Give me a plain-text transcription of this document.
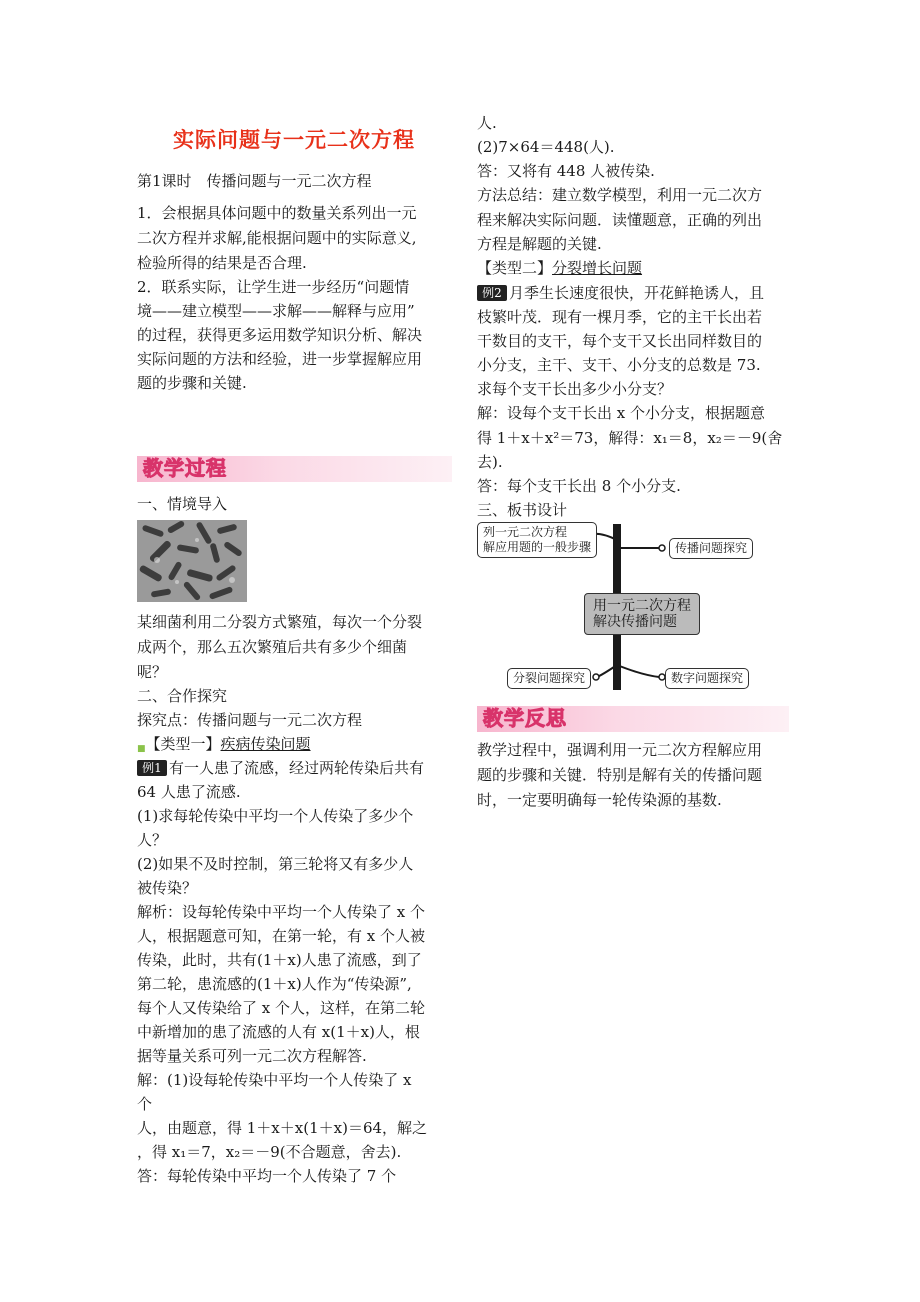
实际问题与一元二次方程
第1课时　传播问题与一元二次方程
1．会根据具体问题中的数量关系列出一元
二次方程并求解,能根据问题中的实际意义,
检验所得的结果是否合理.
2．联系实际，让学生进一步经历“问题情
境——建立模型——求解——解释与应用”
的过程，获得更多运用数学知识分析、解决
实际问题的方法和经验，进一步掌握解应用
题的步骤和关键.
教学过程
一、情境导入
某细菌利用二分裂方式繁殖，每次一个分裂
成两个，那么五次繁殖后共有多少个细菌
呢？
二、合作探究
探究点：传播问题与一元二次方程
■【类型一】疾病传染问题
例1 有一人患了流感，经过两轮传染后共有
64 人患了流感.
(1)求每轮传染中平均一个人传染了多少个
人？
(2)如果不及时控制，第三轮将又有多少人
被传染？
解析：设每轮传染中平均一个人传染了 x 个
人，根据题意可知，在第一轮，有 x 个人被
传染，此时，共有(1＋x)人患了流感，到了
第二轮，患流感的(1＋x)人作为“传染源”,
每个人又传染给了 x 个人，这样，在第二轮
中新增加的患了流感的人有 x(1＋x)人，根
据等量关系可列一元二次方程解答.
解：(1)设每轮传染中平均一个人传染了 x
个
人，由题意，得 1＋x＋x(1＋x)＝64，解之
，得 x₁＝7，x₂＝－9(不合题意，舍去).
答：每轮传染中平均一个人传染了 7 个
人.
(2)7×64＝448(人).
答：又将有 448 人被传染.
方法总结：建立数学模型，利用一元二次方
程来解决实际问题．读懂题意，正确的列出
方程是解题的关键.
【类型二】分裂增长问题
例2 月季生长速度很快，开花鲜艳诱人，且
枝繁叶茂．现有一棵月季，它的主干长出若
干数目的支干，每个支干又长出同样数目的
小分支，主干、支干、小分支的总数是 73.
求每个支干长出多少小分支？
解：设每个支干长出 x 个小分支，根据题意
得 1＋x＋x²＝73，解得：x₁＝8，x₂＝－9(舍
去).
答：每个支干长出 8 个小分支.
三、板书设计
列一元二次方程
解应用题的一般步骤	传播问题探究
用一元二次方程
解决传播问题
分裂问题探究	数字问题探究
教学反思
教学过程中，强调利用一元二次方程解应用
题的步骤和关键．特别是解有关的传播问题
时，一定要明确每一轮传染源的基数.
